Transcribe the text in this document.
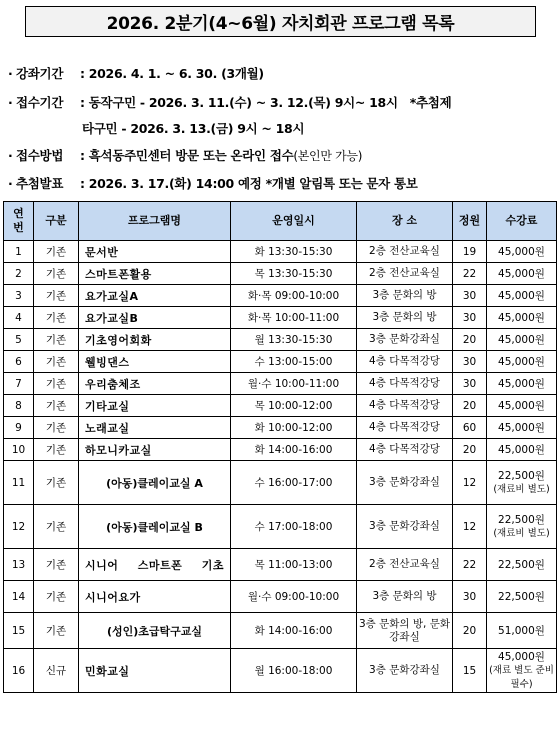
2026. 2분기(4~6월) 자치회관 프로그램 목록
· 강좌기간 : 2026. 4. 1. ~ 6. 30. (3개월)
· 접수기간 : 동작구민 - 2026. 3. 11.(수) ~ 3. 12.(목) 9시~ 18시 *추첨제
타구민 - 2026. 3. 13.(금) 9시 ~ 18시
· 접수방법 : 흑석동주민센터 방문 또는 온라인 접수(본인만 가능)
· 추첨발표 : 2026. 3. 17.(화) 14:00 예정 *개별 알림톡 또는 문자 통보
연번	구분	프로그램명	운영일시	장 소	정원	수강료
1	기존	문서반	화 13:30-15:30	2층 전산교육실	19	45,000원

2	기존	스마트폰활용	목 13:30-15:30	2층 전산교육실	22	45,000원

3	기존	요가교실A	화·목 09:00-10:00	3층 문화의 방	30	45,000원

4	기존	요가교실B	화·목 10:00-11:00	3층 문화의 방	30	45,000원

5	기존	기초영어회화	월 13:30-15:30	3층 문화강좌실	20	45,000원

6	기존	웰빙댄스	수 13:00-15:00	4층 다목적강당	30	45,000원

7	기존	우리춤체조	월·수 10:00-11:00	4층 다목적강당	30	45,000원

8	기존	기타교실	목 10:00-12:00	4층 다목적강당	20	45,000원

9	기존	노래교실	화 10:00-12:00	4층 다목적강당	60	45,000원

10	기존	하모니카교실	화 14:00-16:00	4층 다목적강당	20	45,000원

11	기존	(아동)클레이교실 A	수 16:00-17:00	3층 문화강좌실	12	22,500원
(재료비 별도)

12	기존	(아동)클레이교실 B	수 17:00-18:00	3층 문화강좌실	12	22,500원
(재료비 별도)

13	기존	시니어 스마트폰 기초	목 11:00-13:00	2층 전산교육실	22	22,500원

14	기존	시니어요가	월·수 09:00-10:00	3층 문화의 방	30	22,500원

15	기존	(성인)초급탁구교실	화 14:00-16:00	3층 문화의 방, 문화강좌실	20	51,000원

16	신규	민화교실	월 16:00-18:00	3층 문화강좌실	15	45,000원
(재료 별도 준비 필수)
